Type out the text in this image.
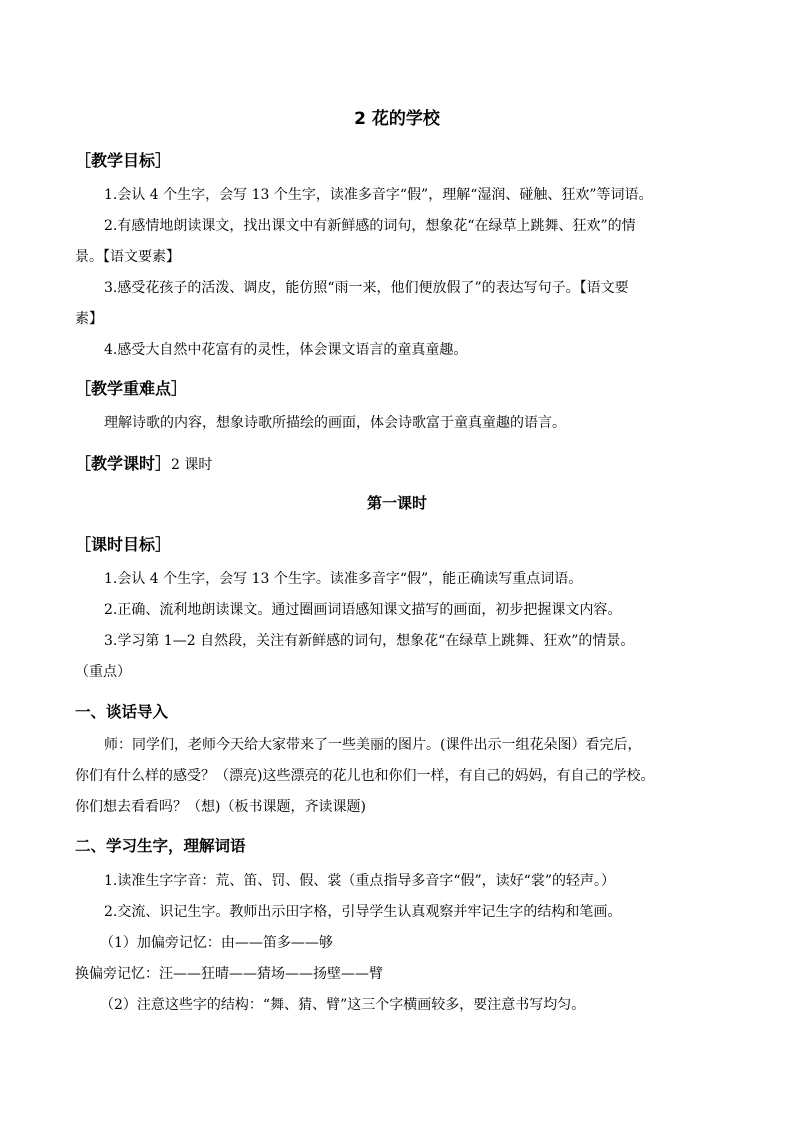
2 花的学校
［教学目标］
1.会认 4 个生字，会写 13 个生字，读准多音字“假”，理解“湿润、碰触、狂欢”等词语。
2.有感情地朗读课文，找出课文中有新鲜感的词句，想象花“在绿草上跳舞、狂欢”的情
景。【语文要素】
3.感受花孩子的活泼、调皮，能仿照“雨一来，他们便放假了”的表达写句子。【语文要
素】
4.感受大自然中花富有的灵性，体会课文语言的童真童趣。
［教学重难点］
理解诗歌的内容，想象诗歌所描绘的画面，体会诗歌富于童真童趣的语言。
［教学课时］2 课时
第一课时
［课时目标］
1.会认 4 个生字，会写 13 个生字。读准多音字“假”，能正确读写重点词语。
2.正确、流利地朗读课文。通过圈画词语感知课文描写的画面，初步把握课文内容。
3.学习第 1—2 自然段，关注有新鲜感的词句，想象花“在绿草上跳舞、狂欢”的情景。
（重点）
一、谈话导入
师：同学们，老师今天给大家带来了一些美丽的图片。(课件出示一组花朵图）看完后，
你们有什么样的感受？（漂亮)这些漂亮的花儿也和你们一样，有自己的妈妈，有自己的学校。
你们想去看看吗？（想)（板书课题，齐读课题)
二、学习生字，理解词语
1.读准生字字音：荒、笛、罚、假、裳（重点指导多音字“假”，读好“裳”的轻声。）
2.交流、识记生字。教师出示田字格，引导学生认真观察并牢记生字的结构和笔画。
（1）加偏旁记忆：由——笛多——够
换偏旁记忆：汪——狂晴——猜场——扬壁——臂
（2）注意这些字的结构：“舞、猜、臂”这三个字横画较多，要注意书写均匀。
